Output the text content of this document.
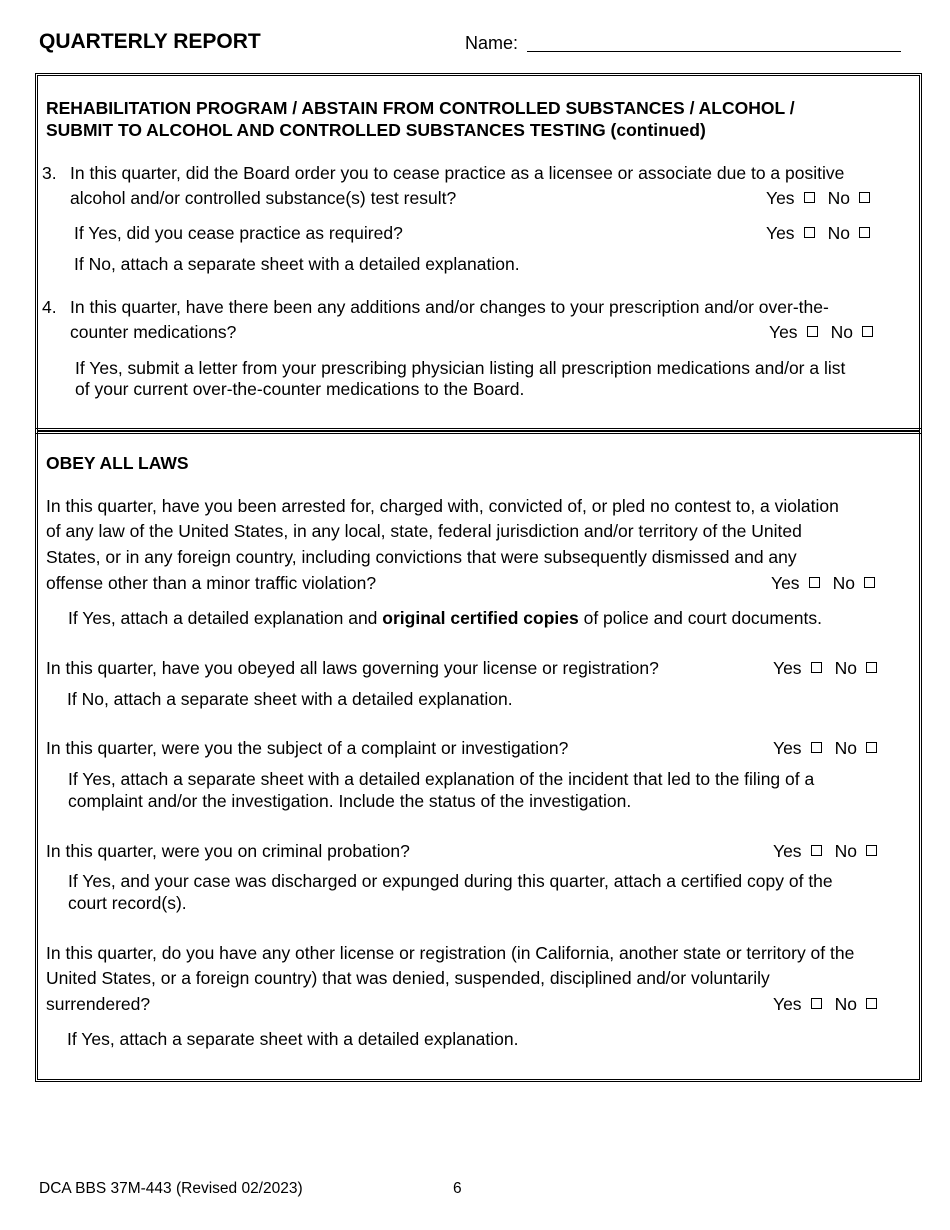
QUARTERLY REPORT	Name:
REHABILITATION PROGRAM / ABSTAIN FROM CONTROLLED SUBSTANCES / ALCOHOL /
SUBMIT TO ALCOHOL AND CONTROLLED SUBSTANCES TESTING (continued)
3. In this quarter, did the Board order you to cease practice as a licensee or associate due to a positive
alcohol and/or controlled substance(s) test result?	Yes No
If Yes, did you cease practice as required?	Yes No
If No, attach a separate sheet with a detailed explanation.
4. In this quarter, have there been any additions and/or changes to your prescription and/or over-the-
counter medications?	Yes No
If Yes, submit a letter from your prescribing physician listing all prescription medications and/or a list
of your current over-the-counter medications to the Board.
OBEY ALL LAWS
In this quarter, have you been arrested for, charged with, convicted of, or pled no contest to, a violation
of any law of the United States, in any local, state, federal jurisdiction and/or territory of the United
States, or in any foreign country, including convictions that were subsequently dismissed and any
offense other than a minor traffic violation?	Yes No
If Yes, attach a detailed explanation and original certified copies of police and court documents.
In this quarter, have you obeyed all laws governing your license or registration?	Yes No
If No, attach a separate sheet with a detailed explanation.
In this quarter, were you the subject of a complaint or investigation?	Yes No
If Yes, attach a separate sheet with a detailed explanation of the incident that led to the filing of a
complaint and/or the investigation. Include the status of the investigation.
In this quarter, were you on criminal probation?	Yes No
If Yes, and your case was discharged or expunged during this quarter, attach a certified copy of the
court record(s).
In this quarter, do you have any other license or registration (in California, another state or territory of the
United States, or a foreign country) that was denied, suspended, disciplined and/or voluntarily
surrendered?	Yes No
If Yes, attach a separate sheet with a detailed explanation.
DCA BBS 37M-443 (Revised 02/2023)	6
